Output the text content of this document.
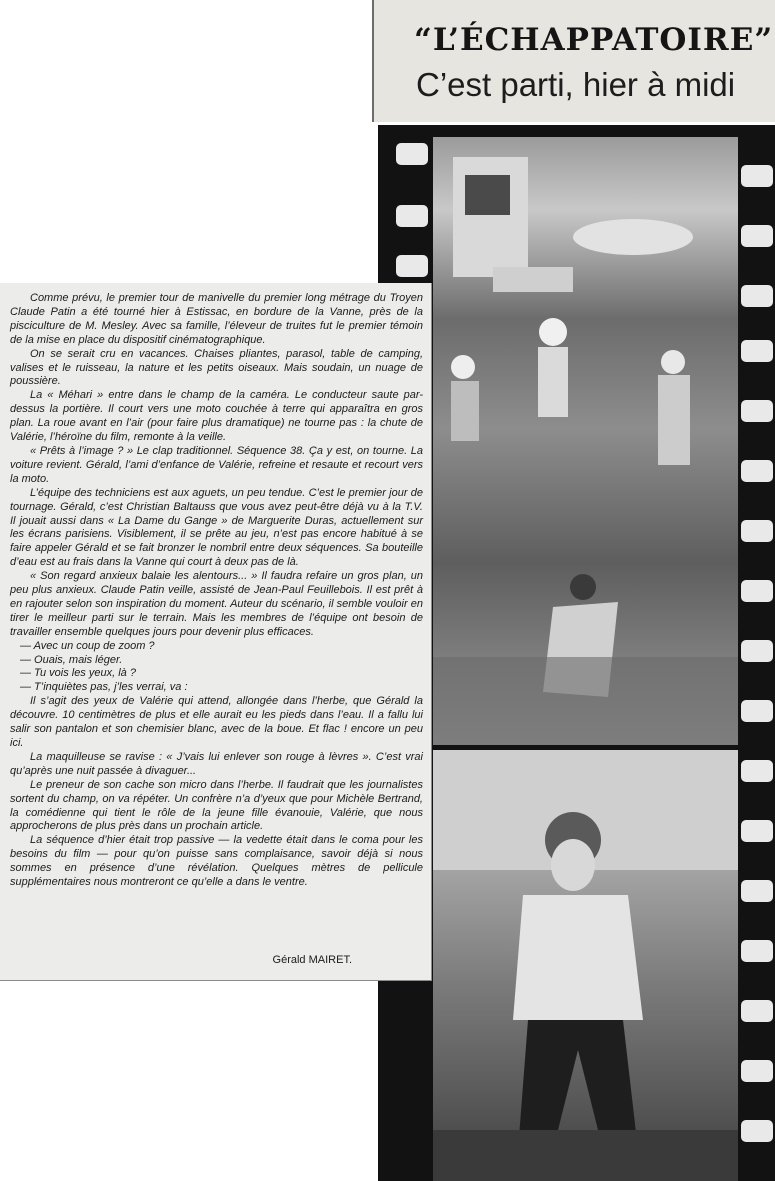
“L’ÉCHAPPATOIRE”
C’est parti, hier à midi

Comme prévu, le premier tour de manivelle du premier long métrage du Troyen Claude Patin a été tourné hier à Estissac, en bordure de la Vanne, près de la pisciculture de M. Mesley. Avec sa famille, l’éleveur de truites fut le premier témoin de la mise en place du dispositif cinématographique.

On se serait cru en vacances. Chaises pliantes, parasol, table de camping, valises et le ruisseau, la nature et les petits oiseaux. Mais soudain, un nuage de poussière.

La « Méhari » entre dans le champ de la caméra. Le conducteur saute par-dessus la portière. Il court vers une moto couchée à terre qui apparaîtra en gros plan. La roue avant en l’air (pour faire plus dramatique) ne tourne pas : la chute de Valérie, l’héroïne du film, remonte à la veille.

« Prêts à l’image ? » Le clap traditionnel. Séquence 38. Ça y est, on tourne. La voiture revient. Gérald, l’ami d’enfance de Valérie, refreine et resaute et recourt vers la moto.

L’équipe des techniciens est aux aguets, un peu tendue. C’est le premier jour de tournage. Gérald, c’est Christian Baltauss que vous avez peut-être déjà vu à la T.V. Il jouait aussi dans « La Dame du Gange » de Marguerite Duras, actuellement sur les écrans parisiens. Visiblement, il se prête au jeu, n’est pas encore habitué à se faire appeler Gérald et se fait bronzer le nombril entre deux séquences. Sa bouteille d’eau est au frais dans la Vanne qui court à deux pas de là.

« Son regard anxieux balaie les alentours... » Il faudra refaire un gros plan, un peu plus anxieux. Claude Patin veille, assisté de Jean-Paul Feuillebois. Il est prêt à en rajouter selon son inspiration du moment. Auteur du scénario, il semble vouloir en tirer le meilleur parti sur le terrain. Mais les membres de l’équipe ont besoin de travailler ensemble quelques jours pour devenir plus efficaces.

— Avec un coup de zoom ?

— Ouais, mais léger.

— Tu vois les yeux, là ?

— T’inquiètes pas, j’les verrai, va :

Il s’agit des yeux de Valérie qui attend, allongée dans l’herbe, que Gérald la découvre. 10 centimètres de plus et elle aurait eu les pieds dans l’eau. Il a fallu lui salir son pantalon et son chemisier blanc, avec de la boue. Et flac ! encore un peu ici.

La maquilleuse se ravise : « J’vais lui enlever son rouge à lèvres ». C’est vrai qu’après une nuit passée à divaguer...

Le preneur de son cache son micro dans l’herbe. Il faudrait que les journalistes sortent du champ, on va répéter. Un confrère n’a d’yeux que pour Michèle Bertrand, la comédienne qui tient le rôle de la jeune fille évanouie, Valérie, que nous approcherons de plus près dans un prochain article.

La séquence d’hier était trop passive — la vedette était dans le coma pour les besoins du film — pour qu’on puisse sans complaisance, savoir déjà si nous sommes en présence d’une révélation. Quelques mètres de pellicule supplémentaires nous montreront ce qu’elle a dans le ventre.

Gérald MAIRET.
